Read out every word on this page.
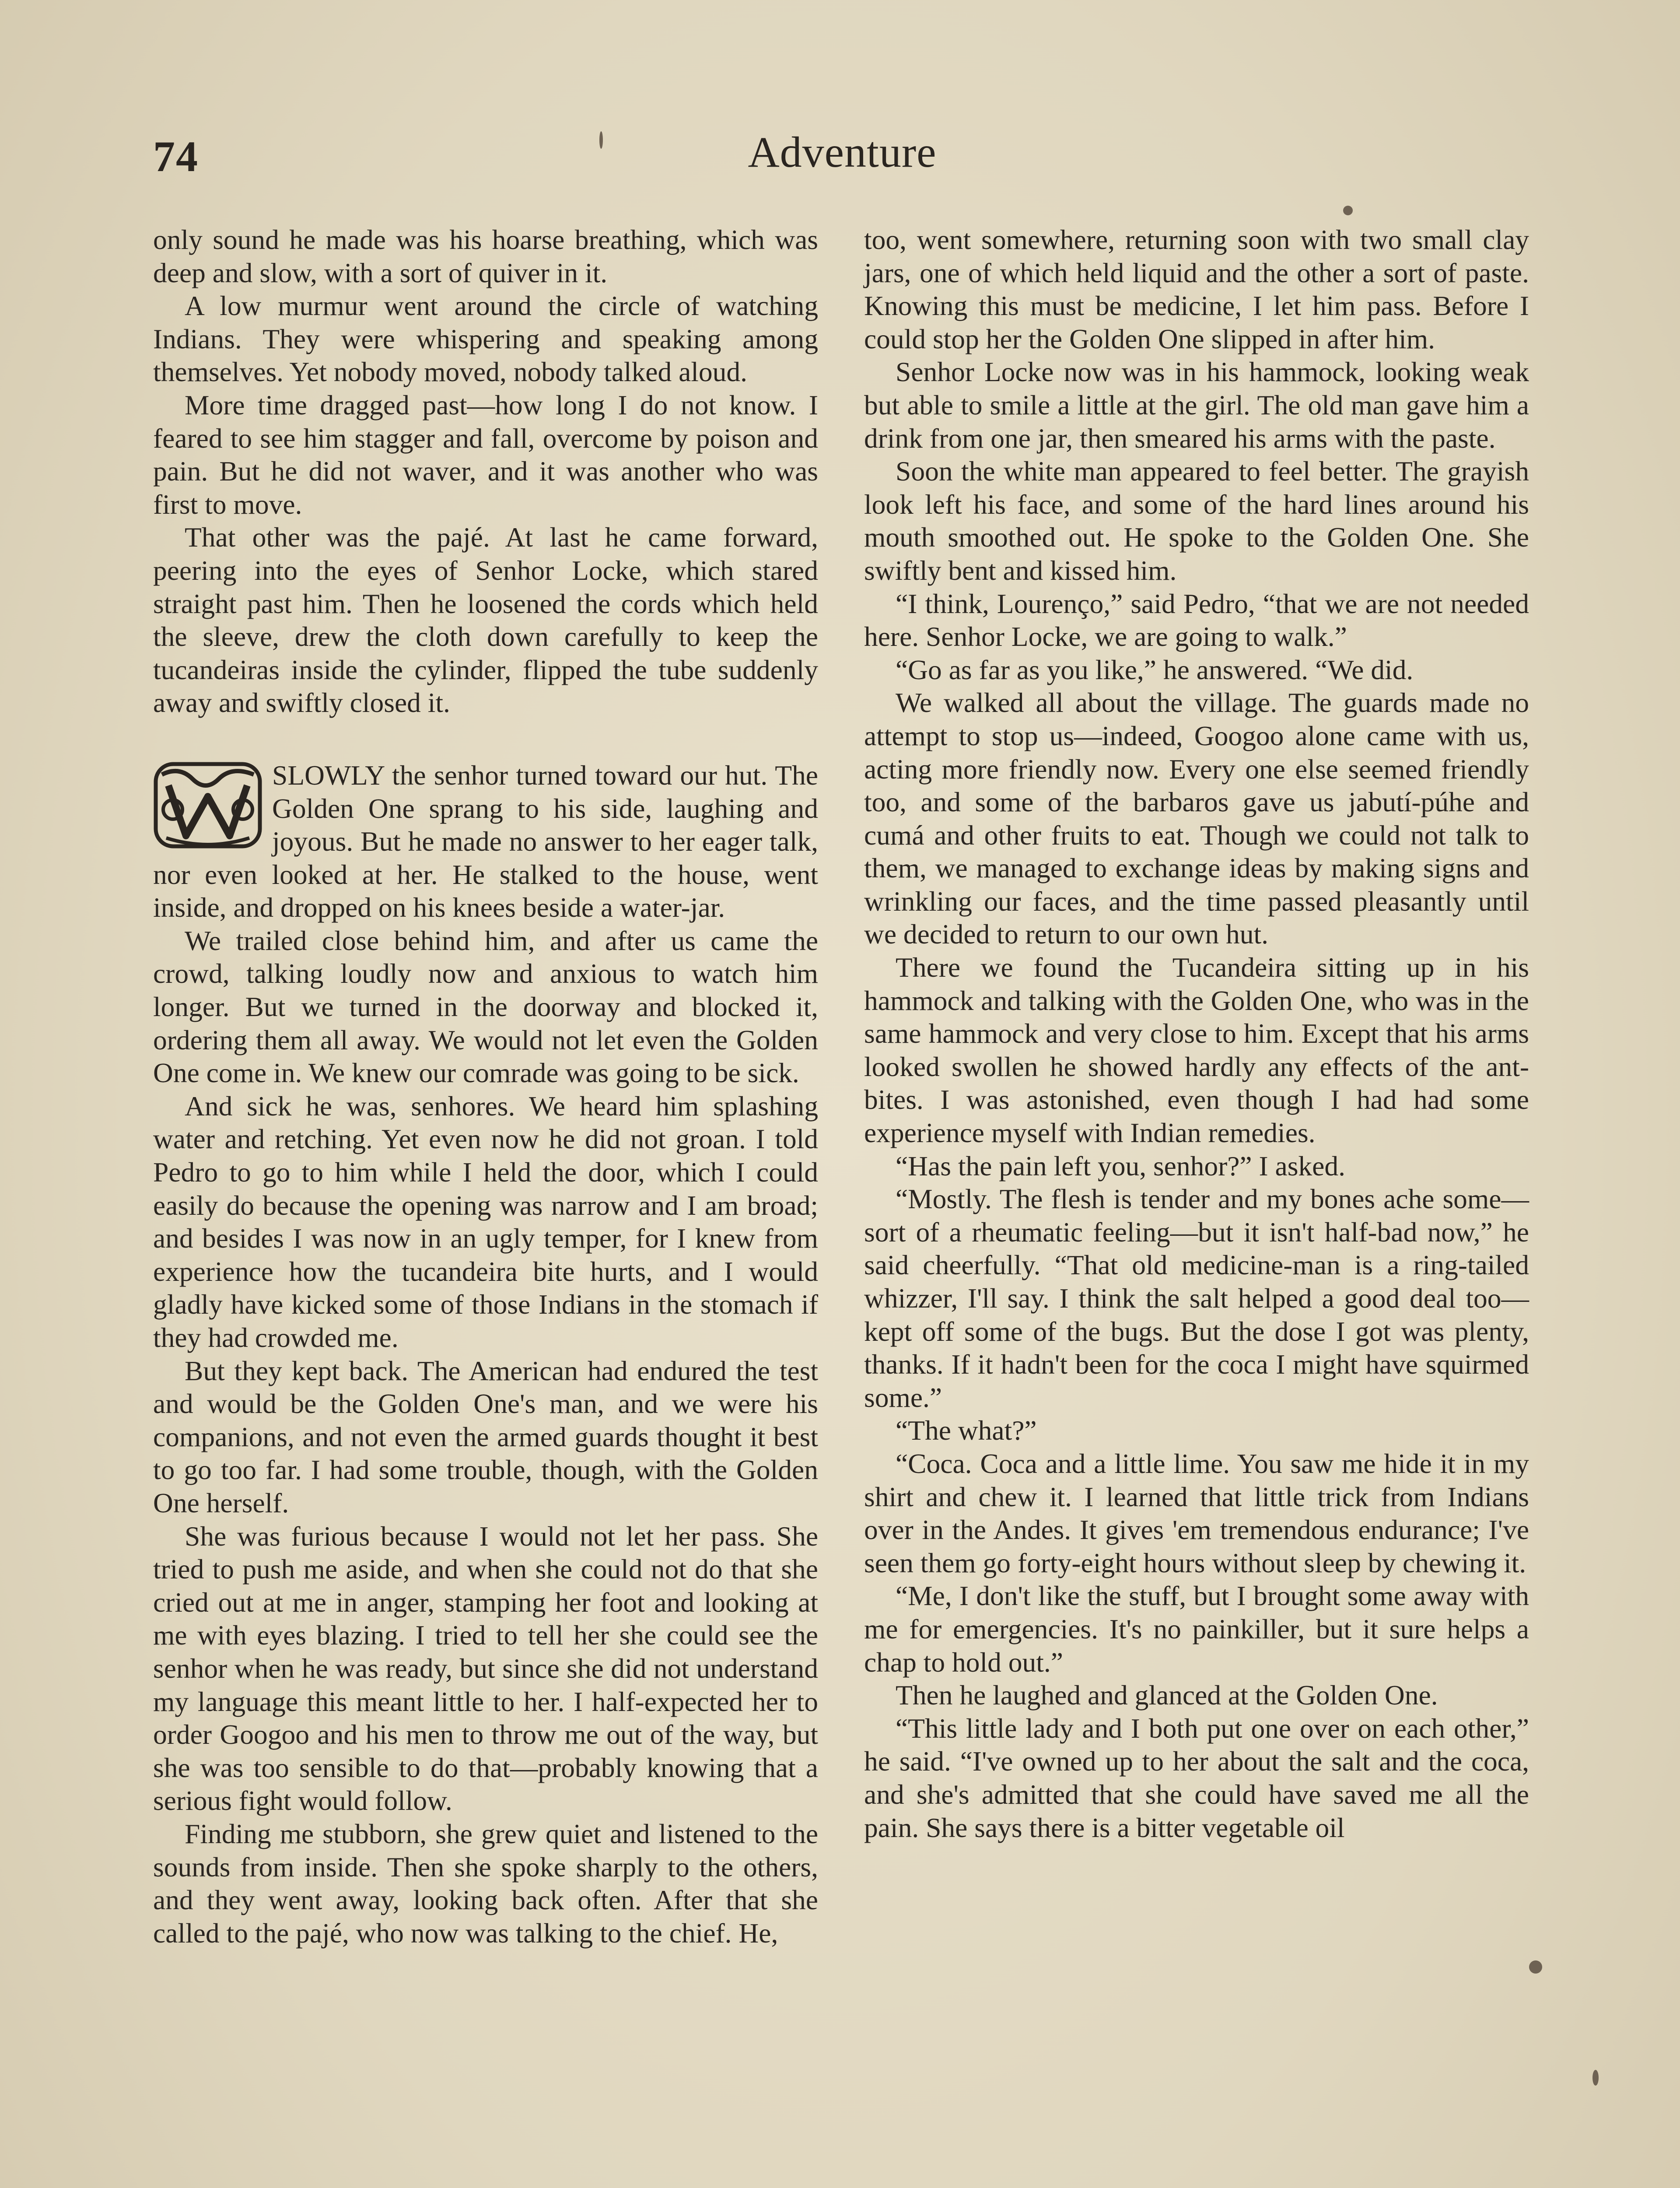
74	Adventure

only sound he made was his hoarse breathing, which was deep and slow, with a sort of quiver in it.

A low murmur went around the circle of watching Indians. They were whispering and speaking among themselves. Yet nobody moved, nobody talked aloud.

More time dragged past—how long I do not know. I feared to see him stagger and fall, overcome by poison and pain. But he did not waver, and it was another who was first to move.

That other was the pajé. At last he came forward, peering into the eyes of Senhor Locke, which stared straight past him. Then he loosened the cords which held the sleeve, drew the cloth down carefully to keep the tucandeiras inside the cylinder, flipped the tube suddenly away and swiftly closed it.

SLOWLY the senhor turned toward our hut. The Golden One sprang to his side, laughing and joyous. But he made no answer to her eager talk, nor even looked at her. He stalked to the house, went inside, and dropped on his knees beside a water-jar.

We trailed close behind him, and after us came the crowd, talking loudly now and anxious to watch him longer. But we turned in the doorway and blocked it, ordering them all away. We would not let even the Golden One come in. We knew our comrade was going to be sick.

And sick he was, senhores. We heard him splashing water and retching. Yet even now he did not groan. I told Pedro to go to him while I held the door, which I could easily do because the opening was narrow and I am broad; and besides I was now in an ugly temper, for I knew from experience how the tucandeira bite hurts, and I would gladly have kicked some of those Indians in the stomach if they had crowded me.

But they kept back. The American had endured the test and would be the Golden One's man, and we were his companions, and not even the armed guards thought it best to go too far. I had some trouble, though, with the Golden One herself.

She was furious because I would not let her pass. She tried to push me aside, and when she could not do that she cried out at me in anger, stamping her foot and looking at me with eyes blazing. I tried to tell her she could see the senhor when he was ready, but since she did not understand my language this meant little to her. I half-expected her to order Googoo and his men to throw me out of the way, but she was too sensible to do that—probably knowing that a serious fight would follow.

Finding me stubborn, she grew quiet and listened to the sounds from inside. Then she spoke sharply to the others, and they went away, looking back often. After that she called to the pajé, who now was talking to the chief. He,

too, went somewhere, returning soon with two small clay jars, one of which held liquid and the other a sort of paste. Knowing this must be medicine, I let him pass. Before I could stop her the Golden One slipped in after him.

Senhor Locke now was in his hammock, looking weak but able to smile a little at the girl. The old man gave him a drink from one jar, then smeared his arms with the paste.

Soon the white man appeared to feel better. The grayish look left his face, and some of the hard lines around his mouth smoothed out. He spoke to the Golden One. She swiftly bent and kissed him.

“I think, Lourenço,” said Pedro, “that we are not needed here. Senhor Locke, we are going to walk.”

“Go as far as you like,” he answered. “We did.

We walked all about the village. The guards made no attempt to stop us—indeed, Googoo alone came with us, acting more friendly now. Every one else seemed friendly too, and some of the barbaros gave us jabutí-púhe and cumá and other fruits to eat. Though we could not talk to them, we managed to exchange ideas by making signs and wrinkling our faces, and the time passed pleasantly until we decided to return to our own hut.

There we found the Tucandeira sitting up in his hammock and talking with the Golden One, who was in the same hammock and very close to him. Except that his arms looked swollen he showed hardly any effects of the ant-bites. I was astonished, even though I had had some experience myself with Indian remedies.

“Has the pain left you, senhor?” I asked.

“Mostly. The flesh is tender and my bones ache some—sort of a rheumatic feeling—but it isn't half-bad now,” he said cheerfully. “That old medicine-man is a ring-tailed whizzer, I'll say. I think the salt helped a good deal too—kept off some of the bugs. But the dose I got was plenty, thanks. If it hadn't been for the coca I might have squirmed some.”

“The what?”

“Coca. Coca and a little lime. You saw me hide it in my shirt and chew it. I learned that little trick from Indians over in the Andes. It gives 'em tremendous endurance; I've seen them go forty-eight hours without sleep by chewing it.

“Me, I don't like the stuff, but I brought some away with me for emergencies. It's no painkiller, but it sure helps a chap to hold out.”

Then he laughed and glanced at the Golden One.

“This little lady and I both put one over on each other,” he said. “I've owned up to her about the salt and the coca, and she's admitted that she could have saved me all the pain. She says there is a bitter vegetable oil
